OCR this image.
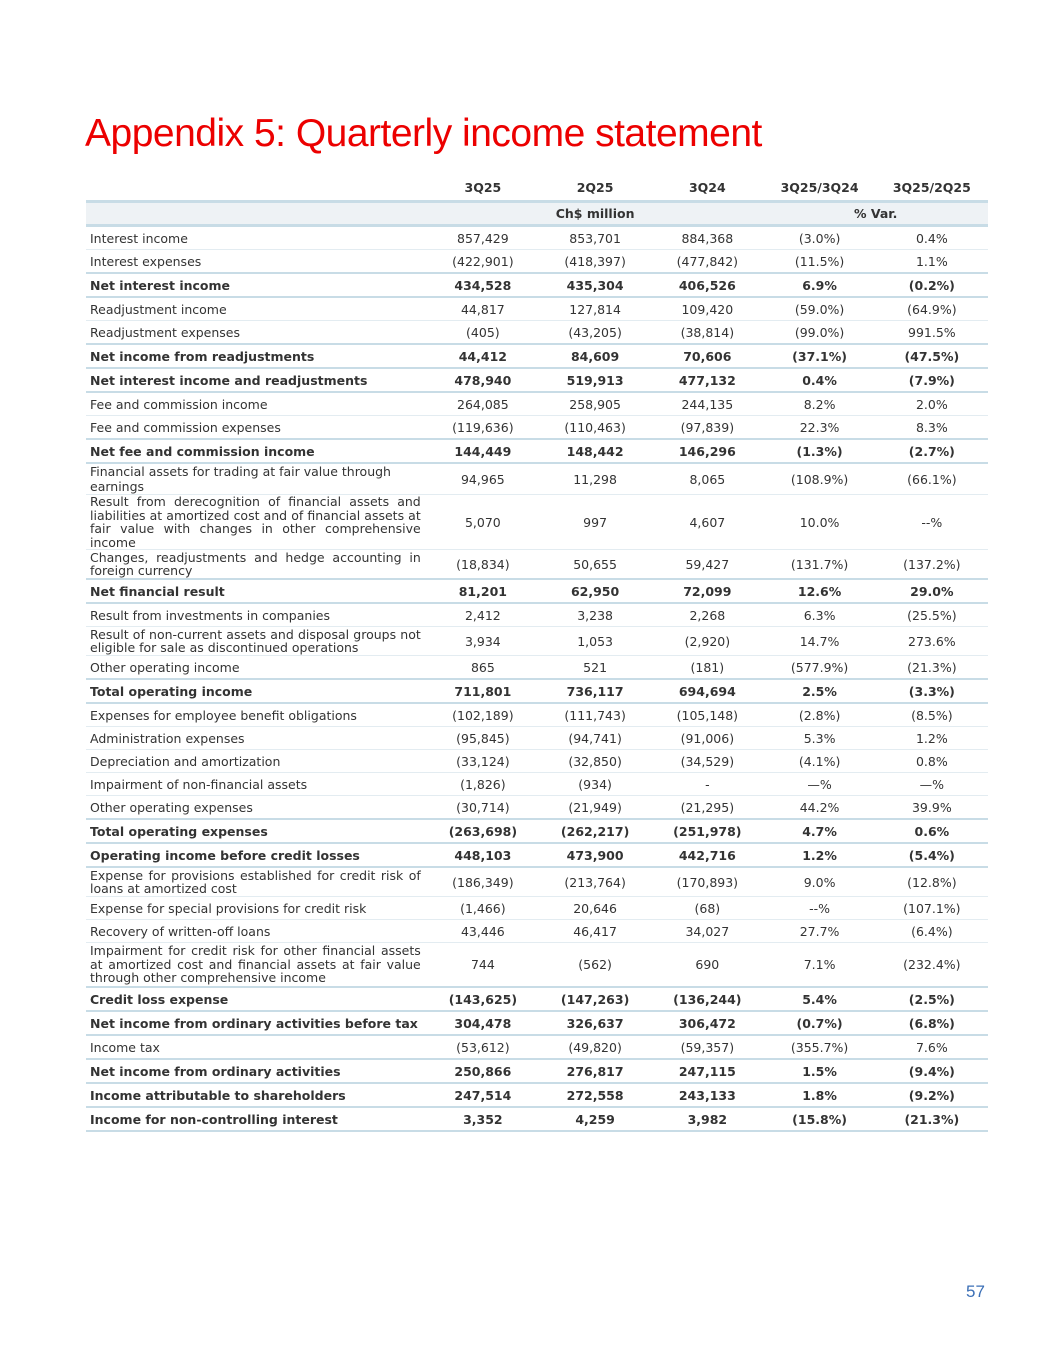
Appendix 5: Quarterly income statement
	3Q25	2Q25	3Q24	3Q25/3Q24	3Q25/2Q25
	Ch$ million			% Var.	
Interest income	857,429	853,701	884,368	(3.0%)	0.4%
Interest expenses	(422,901)	(418,397)	(477,842)	(11.5%)	1.1%
Net interest income	434,528	435,304	406,526	6.9%	(0.2%)
Readjustment income	44,817	127,814	109,420	(59.0%)	(64.9%)
Readjustment expenses	(405)	(43,205)	(38,814)	(99.0%)	991.5%
Net income from readjustments	44,412	84,609	70,606	(37.1%)	(47.5%)
Net interest income and readjustments	478,940	519,913	477,132	0.4%	(7.9%)
Fee and commission income	264,085	258,905	244,135	8.2%	2.0%
Fee and commission expenses	(119,636)	(110,463)	(97,839)	22.3%	8.3%
Net fee and commission income	144,449	148,442	146,296	(1.3%)	(2.7%)
Financial assets for trading at fair value through earnings	94,965	11,298	8,065	(108.9%)	(66.1%)
Result from derecognition of financial assets and liabilities at amortized cost and of financial assets at fair value with changes in other comprehensive income	5,070	997	4,607	10.0%	--%
Changes, readjustments and hedge accounting in foreign currency	(18,834)	50,655	59,427	(131.7%)	(137.2%)
Net financial result	81,201	62,950	72,099	12.6%	29.0%
Result from investments in companies	2,412	3,238	2,268	6.3%	(25.5%)
Result of non-current assets and disposal groups not eligible for sale as discontinued operations	3,934	1,053	(2,920)	14.7%	273.6%
Other operating income	865	521	(181)	(577.9%)	(21.3%)
Total operating income	711,801	736,117	694,694	2.5%	(3.3%)
Expenses for employee benefit obligations	(102,189)	(111,743)	(105,148)	(2.8%)	(8.5%)
Administration expenses	(95,845)	(94,741)	(91,006)	5.3%	1.2%
Depreciation and amortization	(33,124)	(32,850)	(34,529)	(4.1%)	0.8%
Impairment of non-financial assets	(1,826)	(934)	-	—%	—%
Other operating expenses	(30,714)	(21,949)	(21,295)	44.2%	39.9%
Total operating expenses	(263,698)	(262,217)	(251,978)	4.7%	0.6%
Operating income before credit losses	448,103	473,900	442,716	1.2%	(5.4%)
Expense for provisions established for credit risk of loans at amortized cost	(186,349)	(213,764)	(170,893)	9.0%	(12.8%)
Expense for special provisions for credit risk	(1,466)	20,646	(68)	--%	(107.1%)
Recovery of written-off loans	43,446	46,417	34,027	27.7%	(6.4%)
Impairment for credit risk for other financial assets at amortized cost and financial assets at fair value through other comprehensive income	744	(562)	690	7.1%	(232.4%)
Credit loss expense	(143,625)	(147,263)	(136,244)	5.4%	(2.5%)
Net income from ordinary activities before tax	304,478	326,637	306,472	(0.7%)	(6.8%)
Income tax	(53,612)	(49,820)	(59,357)	(355.7%)	7.6%
Net income from ordinary activities	250,866	276,817	247,115	1.5%	(9.4%)
Income attributable to shareholders	247,514	272,558	243,133	1.8%	(9.2%)
Income for non-controlling interest	3,352	4,259	3,982	(15.8%)	(21.3%)
57
